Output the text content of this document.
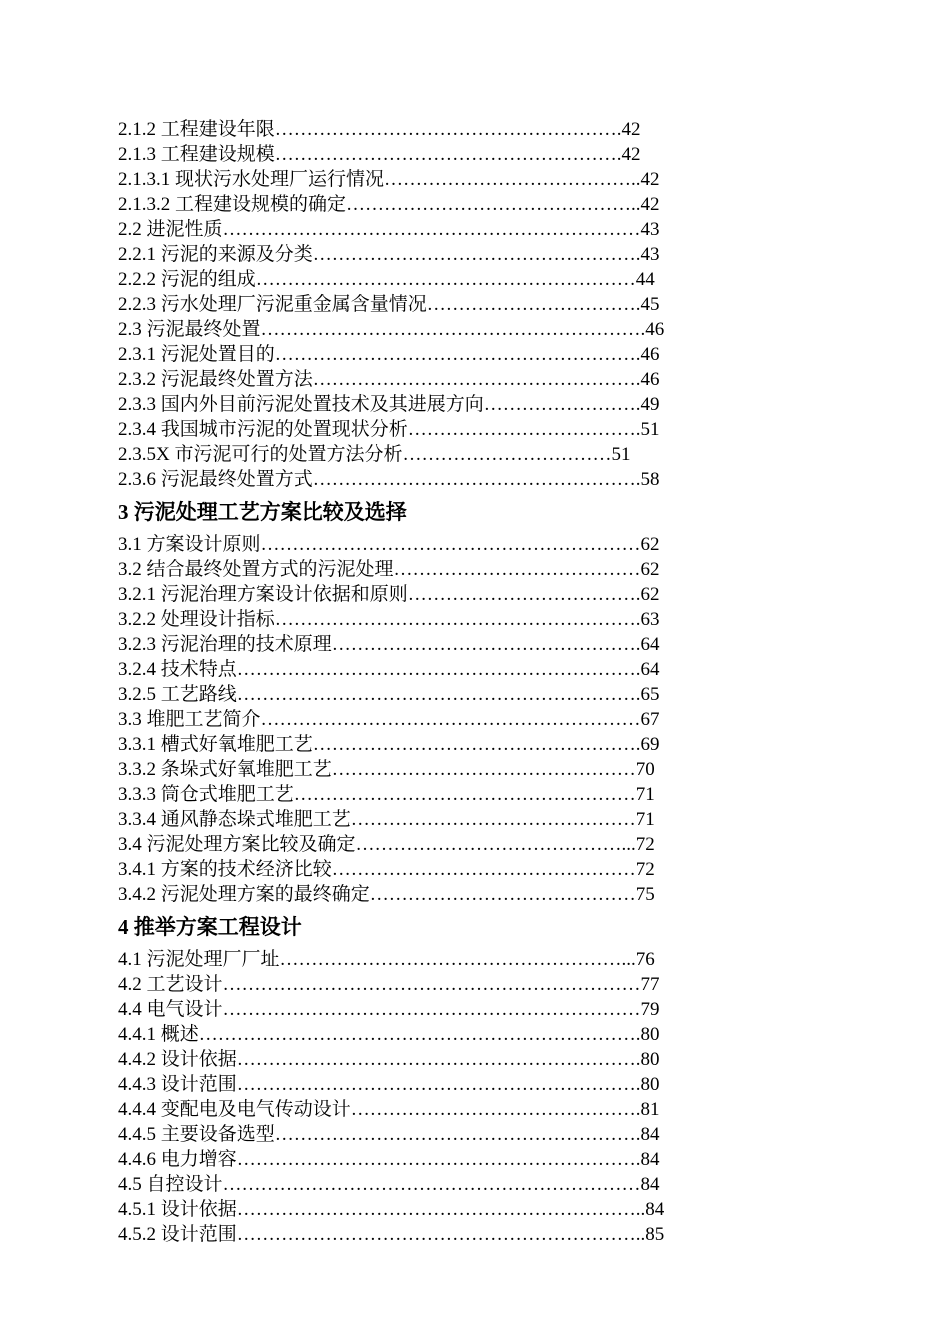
2.1.2 工程建设年限……………………………………………….42
2.1.3 工程建设规模……………………………………………….42
2.1.3.1 现状污水处理厂运行情况…………………………………..42
2.1.3.2 工程建设规模的确定………………………………………..42
2.2 进泥性质…………………………………………………………43
2.2.1 污泥的来源及分类…………………………………………….43
2.2.2 污泥的组成……………………………………………………44
2.2.3 污水处理厂污泥重金属含量情况…………………………….45
2.3 污泥最终处置…………………………………………………….46
2.3.1 污泥处置目的………………………………………………….46
2.3.2 污泥最终处置方法…………………………………………….46
2.3.3 国内外目前污泥处置技术及其进展方向…………………….49
2.3.4 我国城市污泥的处置现状分析……………………………….51
2.3.5X 市污泥可行的处置方法分析……………………………51
2.3.6 污泥最终处置方式…………………………………………….58
3 污泥处理工艺方案比较及选择
3.1 方案设计原则……………………………………………………62
3.2 结合最终处置方式的污泥处理…………………………………62
3.2.1 污泥治理方案设计依据和原则……………………………….62
3.2.2 处理设计指标………………………………………………….63
3.2.3 污泥治理的技术原理………………………………………….64
3.2.4 技术特点……………………………………………………….64
3.2.5 工艺路线……………………………………………………….65
3.3 堆肥工艺简介……………………………………………………67
3.3.1 槽式好氧堆肥工艺…………………………………………….69
3.3.2 条垛式好氧堆肥工艺…………………………………………70
3.3.3 筒仓式堆肥工艺………………………………………………71
3.3.4 通风静态垛式堆肥工艺………………………………………71
3.4 污泥处理方案比较及确定……………………………………...72
3.4.1 方案的技术经济比较…………………………………………72
3.4.2 污泥处理方案的最终确定……………………………………75
4 推举方案工程设计
4.1 污泥处理厂厂址………………………………………………...76
4.2 工艺设计…………………………………………………………77
4.4 电气设计…………………………………………………………79
4.4.1 概述…………………………………………………………….80
4.4.2 设计依据……………………………………………………….80
4.4.3 设计范围……………………………………………………….80
4.4.4 变配电及电气传动设计……………………………………….81
4.4.5 主要设备选型………………………………………………….84
4.4.6 电力增容……………………………………………………….84
4.5 自控设计…………………………………………………………84
4.5.1 设计依据………………………………………………………..84
4.5.2 设计范围………………………………………………………..85
